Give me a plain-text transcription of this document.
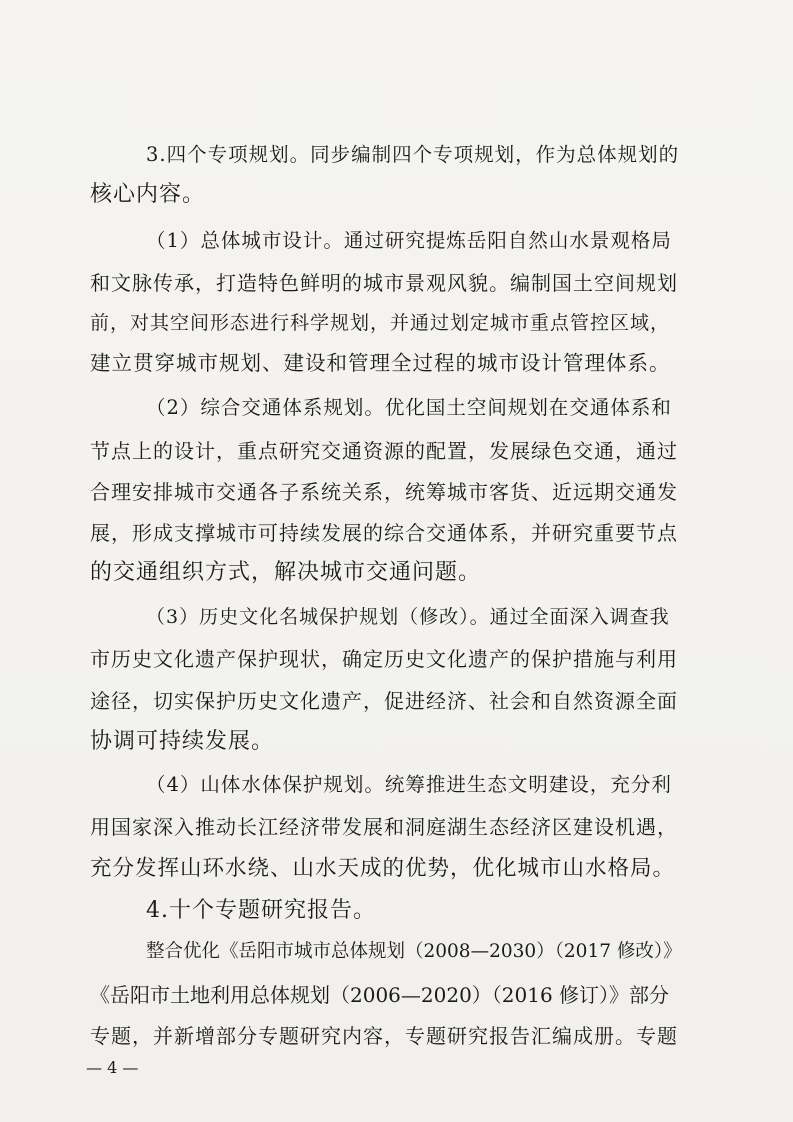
3.四个专项规划。同步编制四个专项规划，作为总体规划的
核心内容。
（1）总体城市设计。通过研究提炼岳阳自然山水景观格局
和文脉传承，打造特色鲜明的城市景观风貌。编制国土空间规划
前，对其空间形态进行科学规划，并通过划定城市重点管控区域，
建立贯穿城市规划、建设和管理全过程的城市设计管理体系。
（2）综合交通体系规划。优化国土空间规划在交通体系和
节点上的设计，重点研究交通资源的配置，发展绿色交通，通过
合理安排城市交通各子系统关系，统筹城市客货、近远期交通发
展，形成支撑城市可持续发展的综合交通体系，并研究重要节点
的交通组织方式，解决城市交通问题。
（3）历史文化名城保护规划（修改）。通过全面深入调查我
市历史文化遗产保护现状，确定历史文化遗产的保护措施与利用
途径，切实保护历史文化遗产，促进经济、社会和自然资源全面
协调可持续发展。
（4）山体水体保护规划。统筹推进生态文明建设，充分利
用国家深入推动长江经济带发展和洞庭湖生态经济区建设机遇，
充分发挥山环水绕、山水天成的优势，优化城市山水格局。
4.十个专题研究报告。
整合优化《岳阳市城市总体规划（2008—2030）（2017 修改）》
《岳阳市土地利用总体规划（2006—2020）（2016 修订）》部分
专题，并新增部分专题研究内容，专题研究报告汇编成册。专题
— 4 —
